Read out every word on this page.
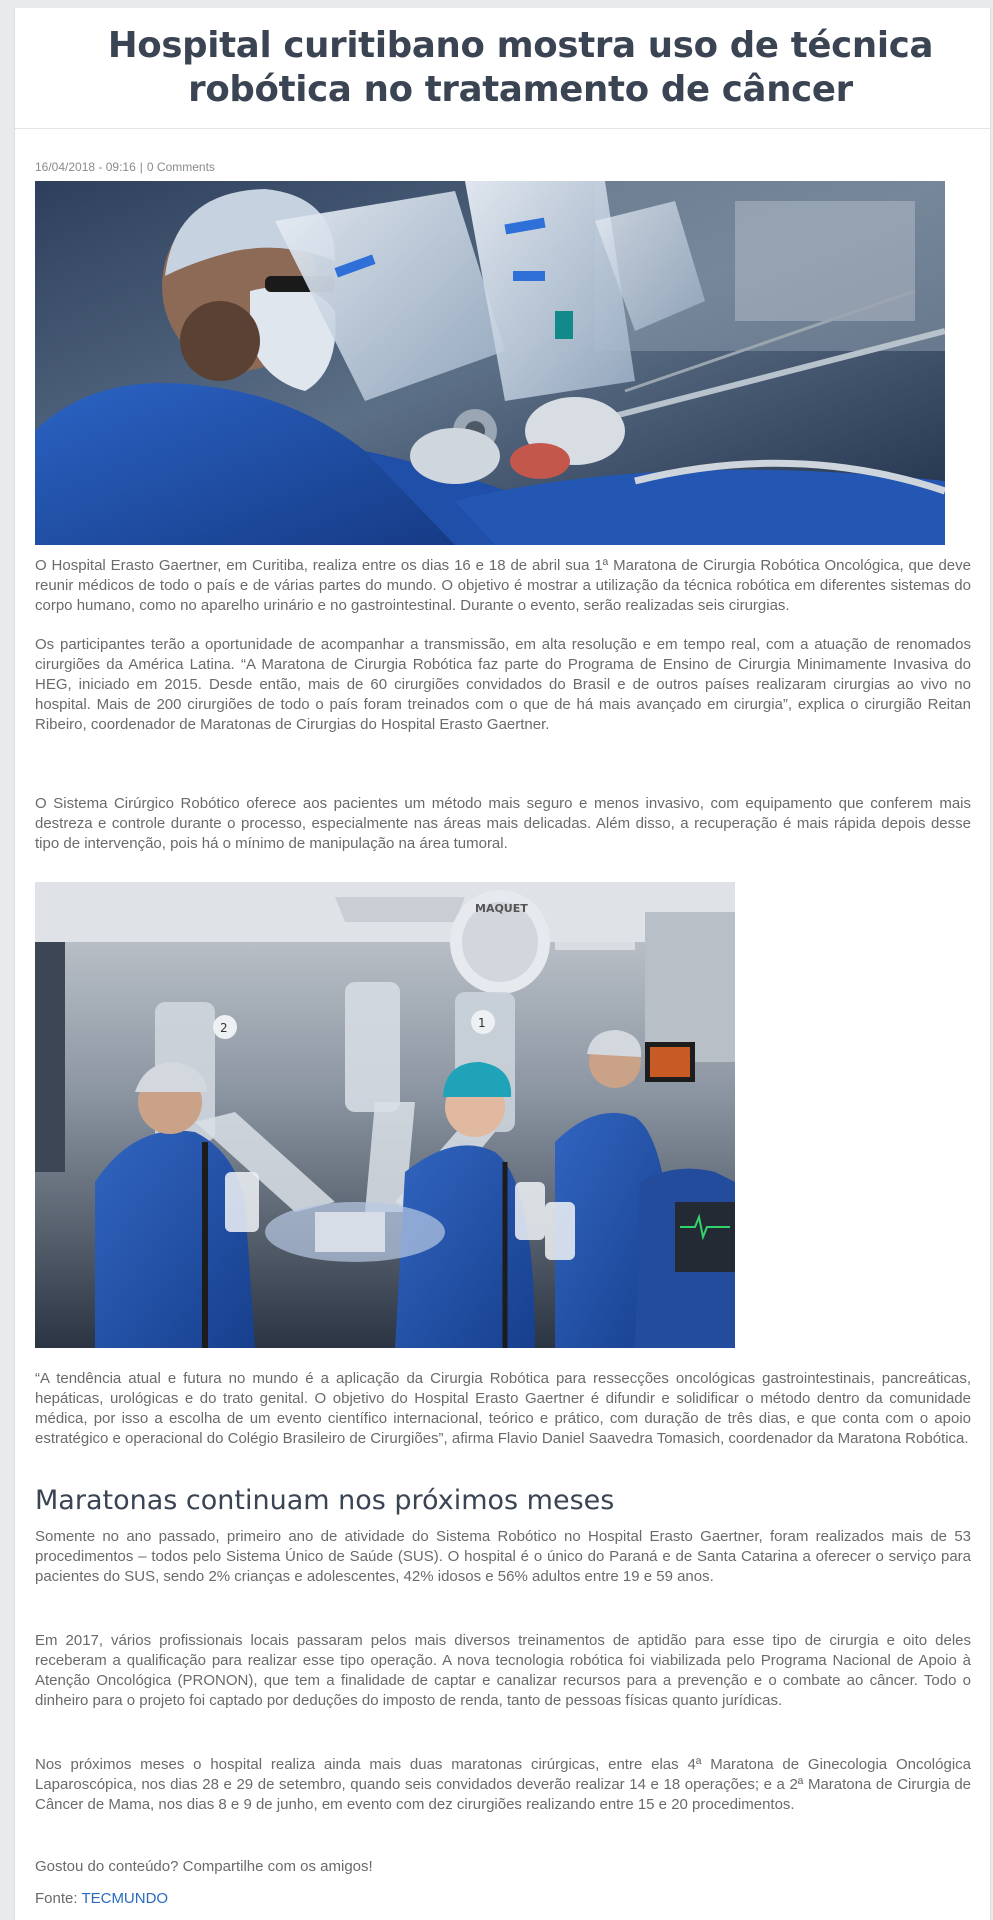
Hospital curitibano mostra uso de técnica robótica no tratamento de câncer
16/04/2018 - 09:16 | 0 Comments

O Hospital Erasto Gaertner, em Curitiba, realiza entre os dias 16 e 18 de abril sua 1ª Maratona de Cirurgia Robótica Oncológica, que deve reunir médicos de todo o país e de várias partes do mundo. O objetivo é mostrar a utilização da técnica robótica em diferentes sistemas do corpo humano, como no aparelho urinário e no gastrointestinal. Durante o evento, serão realizadas seis cirurgias.

Os participantes terão a oportunidade de acompanhar a transmissão, em alta resolução e em tempo real, com a atuação de renomados cirurgiões da América Latina. “A Maratona de Cirurgia Robótica faz parte do Programa de Ensino de Cirurgia Minimamente Invasiva do HEG, iniciado em 2015. Desde então, mais de 60 cirurgiões convidados do Brasil e de outros países realizaram cirurgias ao vivo no hospital. Mais de 200 cirurgiões de todo o país foram treinados com o que de há mais avançado em cirurgia”, explica o cirurgião Reitan Ribeiro, coordenador de Maratonas de Cirurgias do Hospital Erasto Gaertner.

O Sistema Cirúrgico Robótico oferece aos pacientes um método mais seguro e menos invasivo, com equipamento que conferem mais destreza e controle durante o processo, especialmente nas áreas mais delicadas. Além disso, a recuperação é mais rápida depois desse tipo de intervenção, pois há o mínimo de manipulação na área tumoral.

MAQUET
2	1

“A tendência atual e futura no mundo é a aplicação da Cirurgia Robótica para ressecções oncológicas gastrointestinais, pancreáticas, hepáticas, urológicas e do trato genital. O objetivo do Hospital Erasto Gaertner é difundir e solidificar o método dentro da comunidade médica, por isso a escolha de um evento científico internacional, teórico e prático, com duração de três dias, e que conta com o apoio estratégico e operacional do Colégio Brasileiro de Cirurgiões”, afirma Flavio Daniel Saavedra Tomasich, coordenador da Maratona Robótica.

Maratonas continuam nos próximos meses

Somente no ano passado, primeiro ano de atividade do Sistema Robótico no Hospital Erasto Gaertner, foram realizados mais de 53 procedimentos – todos pelo Sistema Único de Saúde (SUS). O hospital é o único do Paraná e de Santa Catarina a oferecer o serviço para pacientes do SUS, sendo 2% crianças e adolescentes, 42% idosos e 56% adultos entre 19 e 59 anos.

Em 2017, vários profissionais locais passaram pelos mais diversos treinamentos de aptidão para esse tipo de cirurgia e oito deles receberam a qualificação para realizar esse tipo operação. A nova tecnologia robótica foi viabilizada pelo Programa Nacional de Apoio à Atenção Oncológica (PRONON), que tem a finalidade de captar e canalizar recursos para a prevenção e o combate ao câncer. Todo o dinheiro para o projeto foi captado por deduções do imposto de renda, tanto de pessoas físicas quanto jurídicas.

Nos próximos meses o hospital realiza ainda mais duas maratonas cirúrgicas, entre elas 4ª Maratona de Ginecologia Oncológica Laparoscópica, nos dias 28 e 29 de setembro, quando seis convidados deverão realizar 14 e 18 operações; e a 2ª Maratona de Cirurgia de Câncer de Mama, nos dias 8 e 9 de junho, em evento com dez cirurgiões realizando entre 15 e 20 procedimentos.

Gostou do conteúdo? Compartilhe com os amigos!

Fonte: TECMUNDO
